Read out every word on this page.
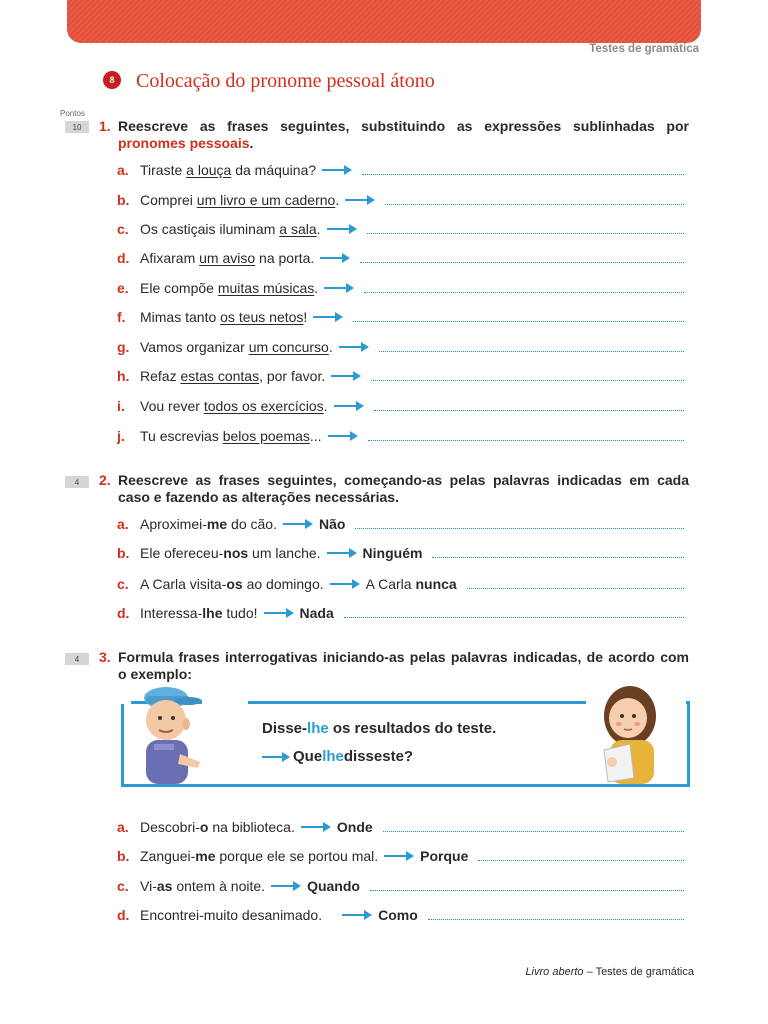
Testes de gramática
8	Colocação do pronome pessoal átono
Pontos
10	1. Reescreve as frases seguintes, substituindo as expressões sublinhadas por pronomes pessoais.
a. Tiraste a louça da máquina?
b. Comprei um livro e um caderno.
c. Os castiçais iluminam a sala.
d. Afixaram um aviso na porta.
e. Ele compõe muitas músicas.
f.	Mimas tanto os teus netos!
g. Vamos organizar um concurso.
h. Refaz estas contas, por favor.
i.	Vou rever todos os exercícios.
j.	Tu escrevias belos poemas...
4	2. Reescreve as frases seguintes, começando-as pelas palavras indicadas em cada caso e fazendo as alterações necessárias.
a. Aproximei-me do cão.	Não
b. Ele ofereceu-nos um lanche.	Ninguém
c. A Carla visita-os ao domingo.	A Carla nunca
d. Interessa-lhe tudo!	Nada
4	3. Formula frases interrogativas iniciando-as pelas palavras indicadas, de acordo com o exemplo:
Disse-lhe os resultados do teste.
Que lhe disseste?
a. Descobri-o na biblioteca.	Onde
b. Zanguei-me porque ele se portou mal.	Porque
c. Vi-as ontem à noite.	Quando
d. Encontrei-muito desanimado.	Como
Livro aberto – Testes de gramática
